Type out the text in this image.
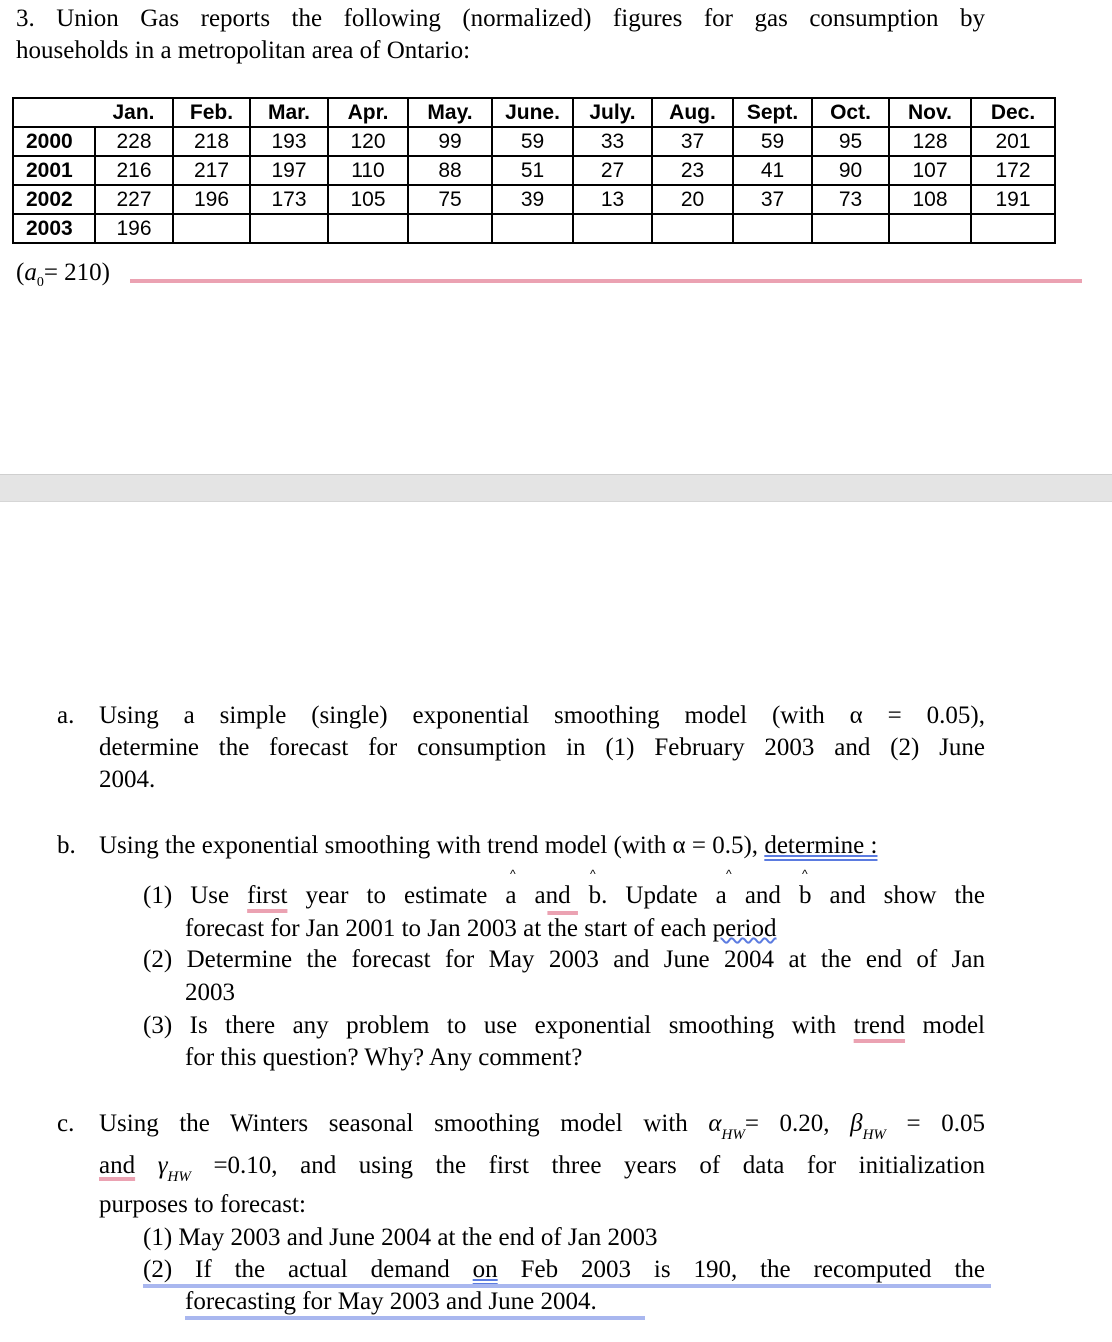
3. Union Gas reports the following (normalized) figures for gas consumption by
households in a metropolitan area of Ontario:
	Jan.	Feb.	Mar.	Apr.	May.	June.	July.	Aug.	Sept.	Oct.	Nov.	Dec.
2000	228	218	193	120	99	59	33	37	59	95	128	201
2001	216	217	197	110	88	51	27	23	41	90	107	172
2002	227	196	173	105	75	39	13	20	37	73	108	191
2003	196											
$(a_0= 210)$
a. Using a simple (single) exponential smoothing model (with α = 0.05),
determine the forecast for consumption in (1) February 2003 and (2) June
2004.
b. Using the exponential smoothing with trend model (with α = 0.5), determine :
^	^	^	^
(1) Use first year to estimate a and b. Update a and b and show the
forecast for Jan 2001 to Jan 2003 at $\overline{the}$ start of each period
(2) Determine the forecast for May 2003 and June 2004 at the end of Jan
2003
(3) Is there any problem to use exponential smoothing with trend model
for this question? Why? Any comment?
c. Using the Winters seasonal smoothing model with $\alpha_{HW}= 0.20$, $\beta_{HW} = 0.05$
and $\gamma_{HW} =0.10$, and using the first three years of data for initialization
purposes to forecast:
(1) May 2003 and June 2004 at the end of Jan 2003
(2) If the actual demand on Feb 2003 is 190, the recomputed the
forecasting for May 2003 and June 2004.
